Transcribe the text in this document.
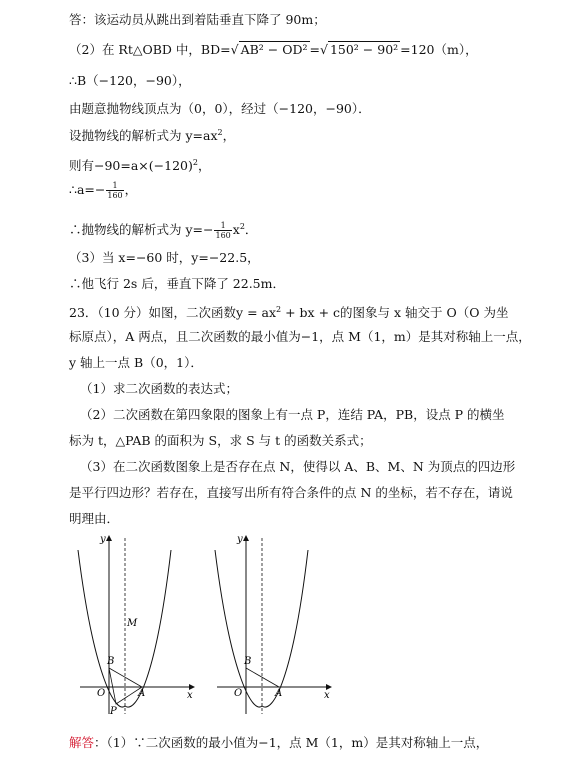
答：该运动员从跳出到着陆垂直下降了 90m；
（2）在 Rt△OBD 中，BD=√ AB² − OD² =√ 150² − 90² =120（m），
∴B（−120，−90），
由题意抛物线顶点为（0，0），经过（−120，−90）．
设抛物线的解析式为 $y=ax^2$，
则有$-90=a\times(-120)^2$，
∴a=− $\frac{1}{160}$ ，
∴抛物线的解析式为 $y=- \frac{1}{160} x^2$．
（3）当 x=−60 时，y=−22.5，
∴他飞行 2s 后，垂直下降了 22.5m．
23．（10 分）如图，二次函数$y = ax^2$ + bx + c的图象与 x 轴交于 O（O 为坐
标原点），A 两点，且二次函数的最小值为−1，点 M（1，m）是其对称轴上一点，
y 轴上一点 B（0，1）．
（1）求二次函数的表达式；
（2）二次函数在第四象限的图象上有一点 P，连结 PA，PB，设点 P 的横坐
标为 t，△PAB 的面积为 S，求 S 与 t 的函数关系式；
（3）在二次函数图象上是否存在点 N，使得以 A、B、M、N 为顶点的四边形
是平行四边形？若存在，直接写出所有符合条件的点 N 的坐标，若不存在，请说
明理由．
y
x
M
B
O	A
P
y
x
B
O	A
解答：（1）∵二次函数的最小值为−1，点 M（1，m）是其对称轴上一点，
